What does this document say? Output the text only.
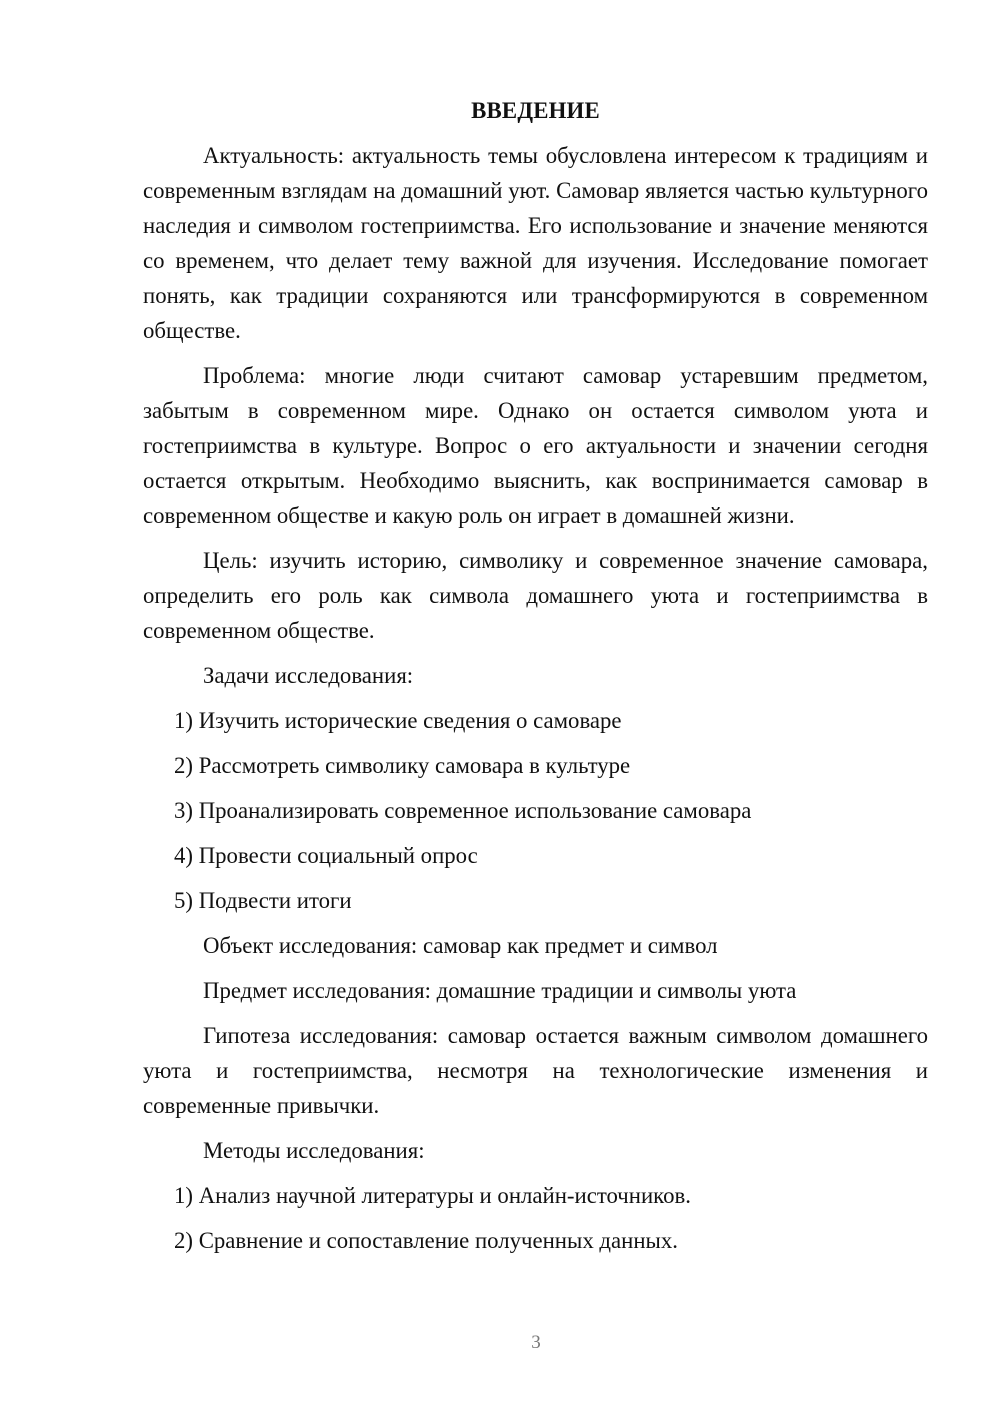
ВВЕДЕНИЕ

Актуальность: актуальность темы обусловлена интересом к традициям и современным взглядам на домашний уют. Самовар является частью культурного наследия и символом гостеприимства. Его использование и значение меняются со временем, что делает тему важной для изучения. Исследование помогает понять, как традиции сохраняются или трансформируются в современном обществе.

Проблема: многие люди считают самовар устаревшим предметом, забытым в современном мире. Однако он остается символом уюта и гостеприимства в культуре. Вопрос о его актуальности и значении сегодня остается открытым. Необходимо выяснить, как воспринимается самовар в современном обществе и какую роль он играет в домашней жизни.

Цель: изучить историю, символику и современное значение самовара, определить его роль как символа домашнего уюта и гостеприимства в современном обществе.

Задачи исследования:
1) Изучить исторические сведения о самоваре
2) Рассмотреть символику самовара в культуре
3) Проанализировать современное использование самовара
4) Провести социальный опрос
5) Подвести итоги
Объект исследования: самовар как предмет и символ
Предмет исследования: домашние традиции и символы уюта

Гипотеза исследования: самовар остается важным символом домашнего уюта и гостеприимства, несмотря на технологические изменения и современные привычки.

Методы исследования:
1) Анализ научной литературы и онлайн-источников.
2) Сравнение и сопоставление полученных данных.
3
